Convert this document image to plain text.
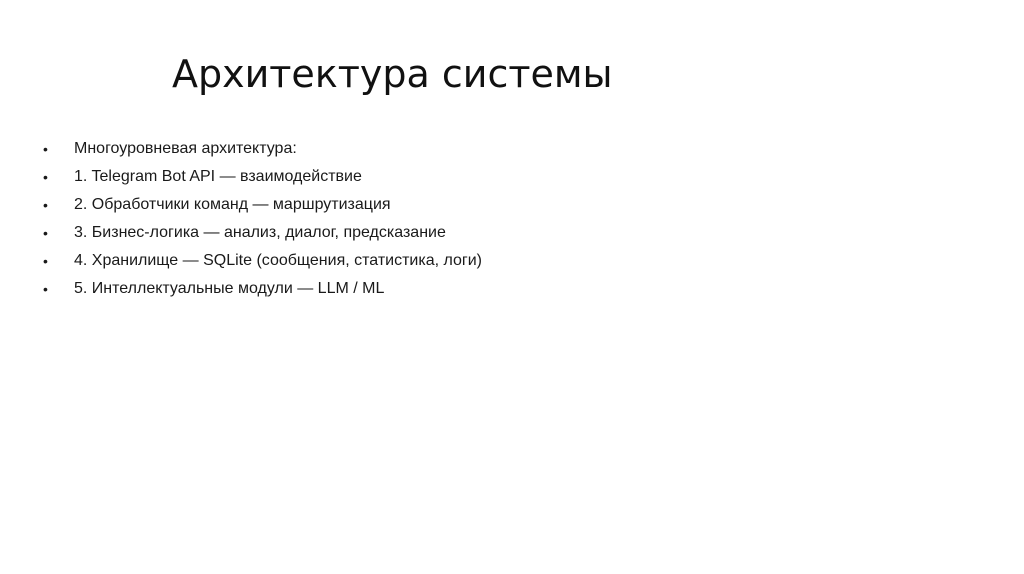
Архитектура системы
•	Многоуровневая архитектура:
•	1. Telegram Bot API — взаимодействие
•	2. Обработчики команд — маршрутизация
•	3. Бизнес-логика — анализ, диалог, предсказание
•	4. Хранилище — SQLite (сообщения, статистика, логи)
•	5. Интеллектуальные модули — LLM / ML
